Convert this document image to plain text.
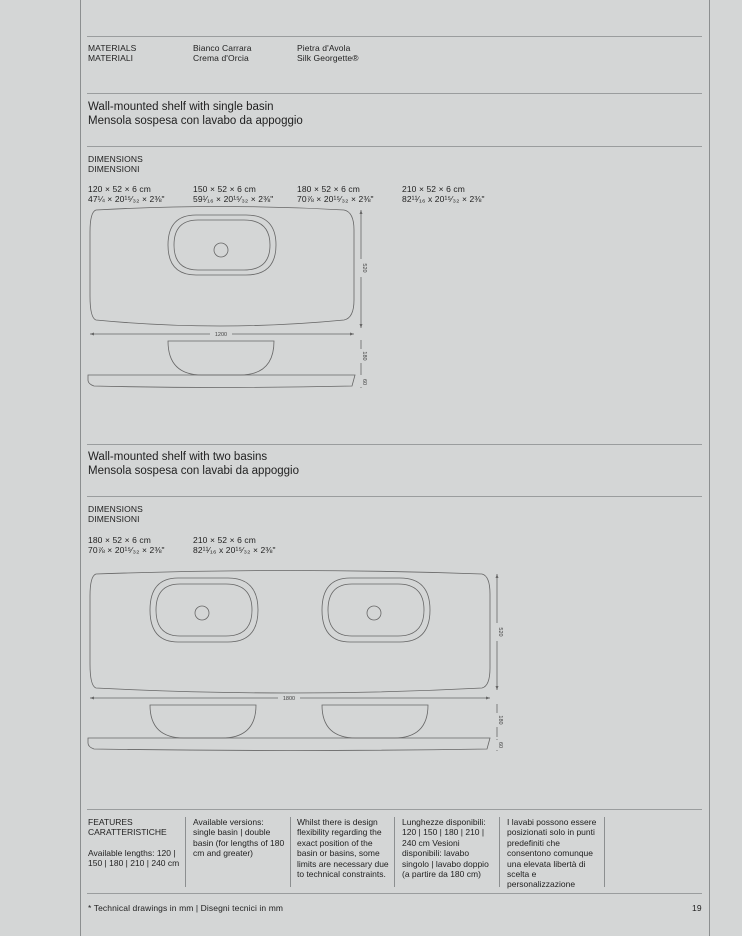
MATERIALS
MATERIALI
Bianco Carrara
Crema d'Orcia
Pietra d'Avola
Silk Georgette®
Wall-mounted shelf with single basin
Mensola sospesa con lavabo da appoggio
DIMENSIONS
DIMENSIONI
120 × 52 × 6 cm
47¼ × 20¹⁵⁄₃₂ × 2⅜"
150 × 52 × 6 cm
59¹⁄₁₆ × 20¹⁵⁄₃₂ × 2⅜"
180 × 52 × 6 cm
70⅞ × 20¹⁵⁄₃₂ × 2⅜"
210 × 52 × 6 cm
82¹¹⁄₁₆ x 20¹⁵⁄₃₂ × 2⅜"
1200
520
180
60
Wall-mounted shelf with two basins
Mensola sospesa con lavabi da appoggio
DIMENSIONS
DIMENSIONI
180 × 52 × 6 cm
70⅞ × 20¹⁵⁄₃₂ × 2⅜"
210 × 52 × 6 cm
82¹¹⁄₁₆ x 20¹⁵⁄₃₂ × 2⅜"
1800
520
180
60
FEATURES
CARATTERISTICHE
Available lengths: 120 | 150 | 180 | 210 | 240 cm
Available versions: single basin | double basin (for lengths of 180 cm and greater)
Whilst there is design flexibility regarding the exact position of the basin or basins, some limits are necessary due to technical constraints.
Lunghezze disponibili: 120 | 150 | 180 | 210 | 240 cm Vesioni disponibili: lavabo singolo | lavabo doppio (a partire da 180 cm)
I lavabi possono essere posizionati solo in punti predefiniti che consentono comunque una elevata libertà di scelta e personalizzazione
* Technical drawings in mm | Disegni tecnici in mm	19
